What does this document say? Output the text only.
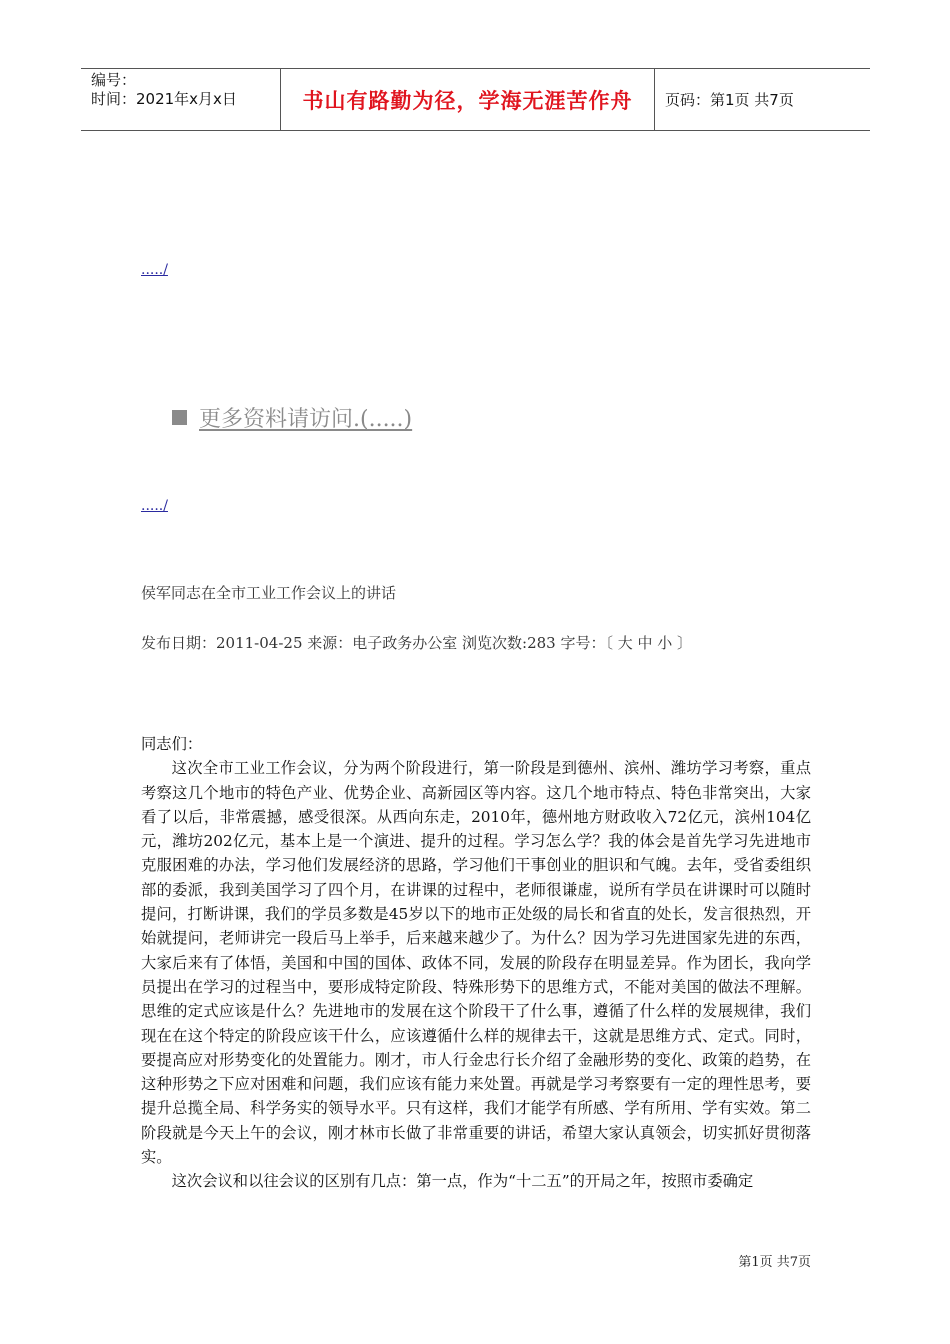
编号：
时间：2021年x月x日	书山有路勤为径，学海无涯苦作舟 页码：第1页 共7页
...../
更多资料请访问.(.....)
...../
侯军同志在全市工业工作会议上的讲话
发布日期：2011-04-25 来源：电子政务办公室 浏览次数:283 字号：〔 大 中 小 〕

同志们：

这次全市工业工作会议，分为两个阶段进行，第一阶段是到德州、滨州、潍坊学习考察，重点考察这几个地市的特色产业、优势企业、高新园区等内容。这几个地市特点、特色非常突出，大家看了以后，非常震撼，感受很深。从西向东走，2010年，德州地方财政收入72亿元，滨州104亿元，潍坊202亿元，基本上是一个演进、提升的过程。学习怎么学？我的体会是首先学习先进地市克服困难的办法，学习他们发展经济的思路，学习他们干事创业的胆识和气魄。去年，受省委组织部的委派，我到美国学习了四个月，在讲课的过程中，老师很谦虚，说所有学员在讲课时可以随时提问，打断讲课，我们的学员多数是45岁以下的地市正处级的局长和省直的处长，发言很热烈，开始就提问，老师讲完一段后马上举手，后来越来越少了。为什么？因为学习先进国家先进的东西，大家后来有了体悟，美国和中国的国体、政体不同，发展的阶段存在明显差异。作为团长，我向学员提出在学习的过程当中，要形成特定阶段、特殊形势下的思维方式，不能对美国的做法不理解。思维的定式应该是什么？先进地市的发展在这个阶段干了什么事，遵循了什么样的发展规律，我们现在在这个特定的阶段应该干什么，应该遵循什么样的规律去干，这就是思维方式、定式。同时，要提高应对形势变化的处置能力。刚才，市人行金忠行长介绍了金融形势的变化、政策的趋势，在这种形势之下应对困难和问题，我们应该有能力来处置。再就是学习考察要有一定的理性思考，要提升总揽全局、科学务实的领导水平。只有这样，我们才能学有所感、学有所用、学有实效。第二阶段就是今天上午的会议，刚才林市长做了非常重要的讲话，希望大家认真领会，切实抓好贯彻落实。

这次会议和以往会议的区别有几点：第一点，作为“十二五”的开局之年，按照市委确定

第1页 共7页
